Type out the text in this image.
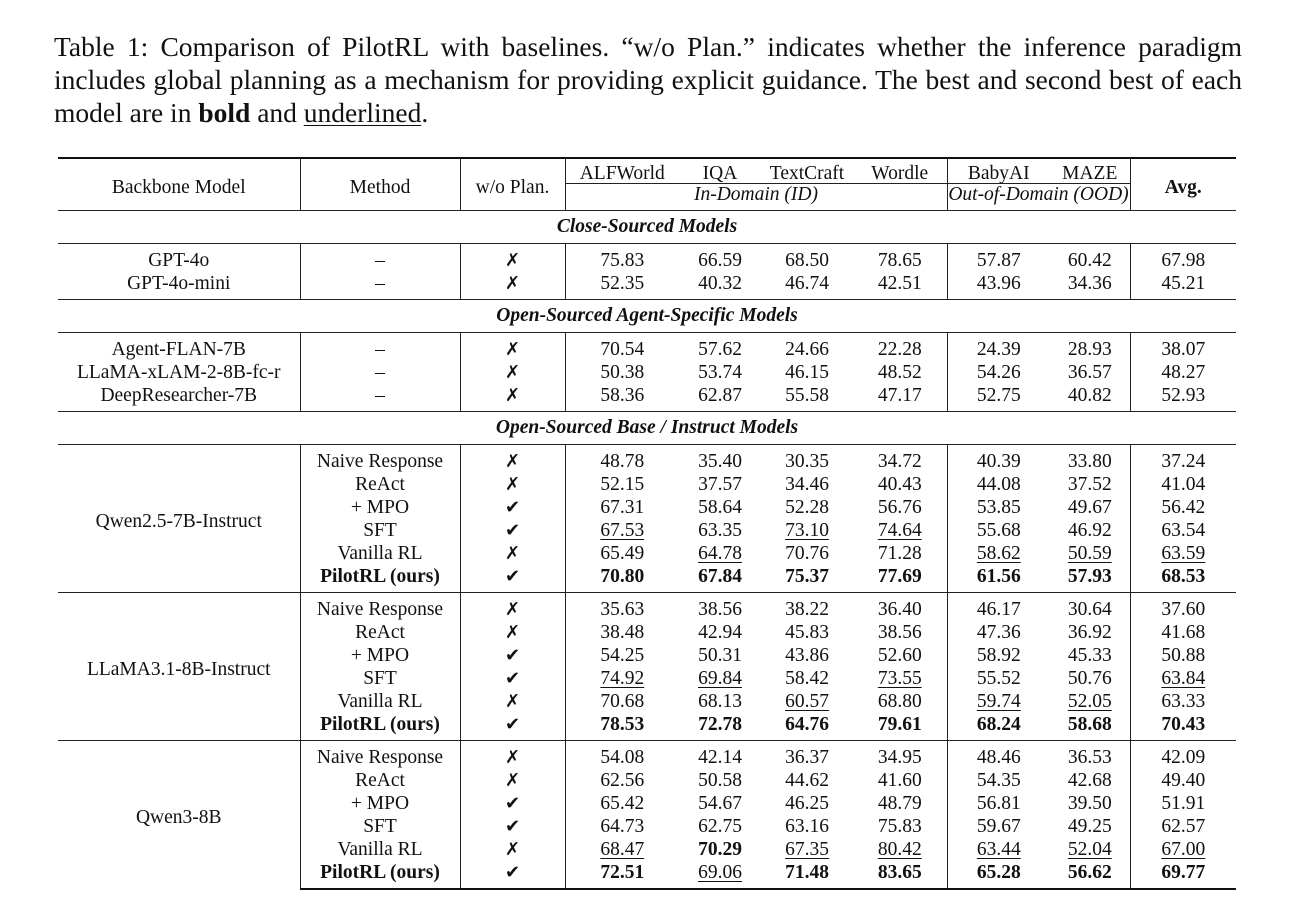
Table 1: Comparison of PilotRL with baselines. “w/o Plan.” indicates whether the inference paradigm includes global planning as a mechanism for providing explicit guidance. The best and second best of each model are in bold and underlined.
Backbone Model	Method	w/o Plan.	ALFWorld	IQA	TextCraft	Wordle	BabyAI	MAZE	Avg.
			In-Domain (ID)				Out-of-Domain (OOD)		
Close-Sourced Models									
GPT-4o	–	✗	75.83	66.59	68.50	78.65	57.87	60.42	67.98
GPT-4o-mini	–	✗	52.35	40.32	46.74	42.51	43.96	34.36	45.21
Open-Sourced Agent-Specific Models									
Agent-FLAN-7B	–	✗	70.54	57.62	24.66	22.28	24.39	28.93	38.07
LLaMA-xLAM-2-8B-fc-r	–	✗	50.38	53.74	46.15	48.52	54.26	36.57	48.27
DeepResearcher-7B	–	✗	58.36	62.87	55.58	47.17	52.75	40.82	52.93
Open-Sourced Base / Instruct Models									
Qwen2.5-7B-Instruct	Naive Response	✗	48.78	35.40	30.35	34.72	40.39	33.80	37.24
	ReAct	✗	52.15	37.57	34.46	40.43	44.08	37.52	41.04
	+ MPO	✔	67.31	58.64	52.28	56.76	53.85	49.67	56.42
	SFT	✔	67.53	63.35	73.10	74.64	55.68	46.92	63.54
	Vanilla RL	✗	65.49	64.78	70.76	71.28	58.62	50.59	63.59
	PilotRL (ours)	✔	70.80	67.84	75.37	77.69	61.56	57.93	68.53
LLaMA3.1-8B-Instruct	Naive Response	✗	35.63	38.56	38.22	36.40	46.17	30.64	37.60
	ReAct	✗	38.48	42.94	45.83	38.56	47.36	36.92	41.68
	+ MPO	✔	54.25	50.31	43.86	52.60	58.92	45.33	50.88
	SFT	✔	74.92	69.84	58.42	73.55	55.52	50.76	63.84
	Vanilla RL	✗	70.68	68.13	60.57	68.80	59.74	52.05	63.33
	PilotRL (ours)	✔	78.53	72.78	64.76	79.61	68.24	58.68	70.43
Qwen3-8B	Naive Response	✗	54.08	42.14	36.37	34.95	48.46	36.53	42.09
	ReAct	✗	62.56	50.58	44.62	41.60	54.35	42.68	49.40
	+ MPO	✔	65.42	54.67	46.25	48.79	56.81	39.50	51.91
	SFT	✔	64.73	62.75	63.16	75.83	59.67	49.25	62.57
	Vanilla RL	✗	68.47	70.29	67.35	80.42	63.44	52.04	67.00
	PilotRL (ours)	✔	72.51	69.06	71.48	83.65	65.28	56.62	69.77
